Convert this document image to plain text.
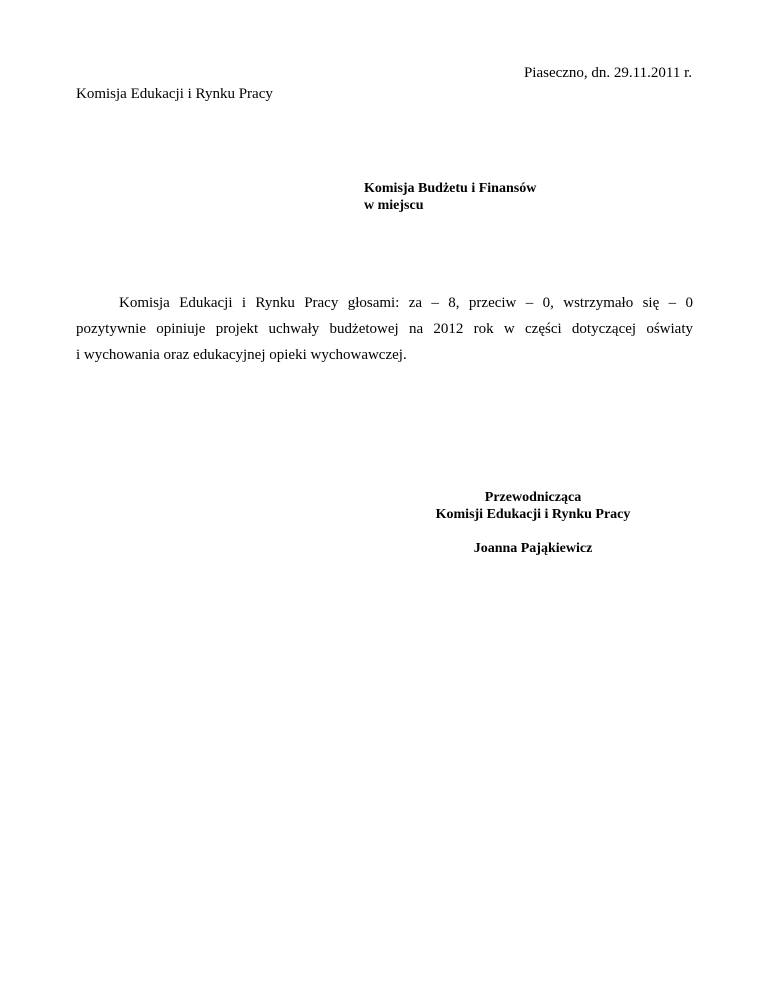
Piaseczno, dn. 29.11.2011 r.
Komisja Edukacji i Rynku Pracy
Komisja Budżetu i Finansów
w miejscu
Komisja Edukacji i Rynku Pracy głosami: za – 8, przeciw – 0, wstrzymało się – 0
pozytywnie opiniuje projekt uchwały budżetowej na 2012 rok w części dotyczącej oświaty
i wychowania oraz edukacyjnej opieki wychowawczej.
Przewodnicząca
Komisji Edukacji i Rynku Pracy
Joanna Pająkiewicz
